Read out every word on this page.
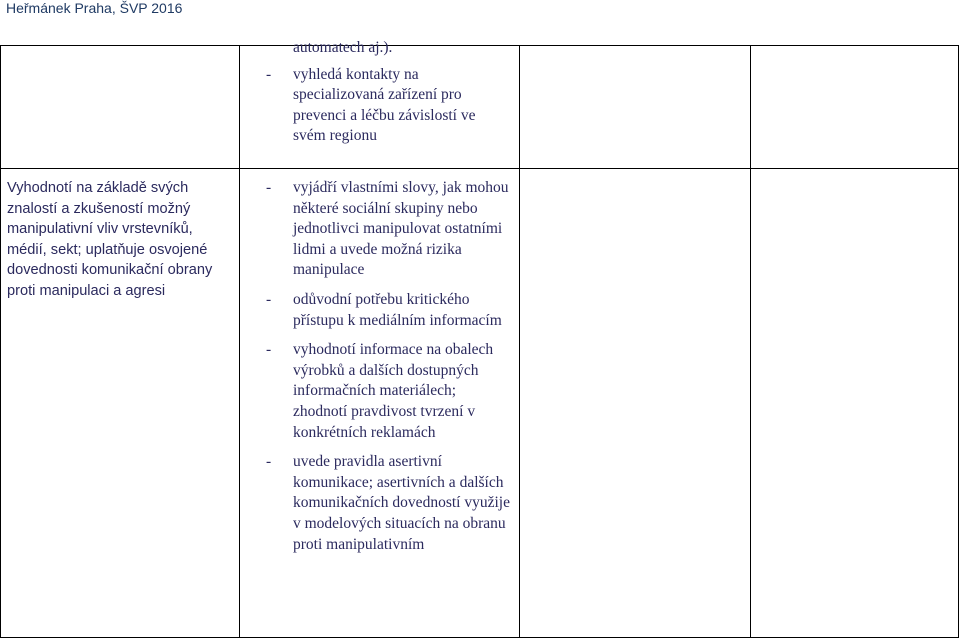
Heřmánek Praha, ŠVP 2016
automatech aj.).
- vyhledá kontakty na specializovaná zařízení pro prevenci a léčbu závislostí ve svém regionu
Vyhodnotí na základě svých znalostí a zkušeností možný manipulativní vliv vrstevníků, médií, sekt; uplatňuje osvojené dovednosti komunikační obrany proti manipulaci a agresi
- vyjádří vlastními slovy, jak mohou některé sociální skupiny nebo jednotlivci manipulovat ostatními lidmi a uvede možná rizika manipulace
- odůvodní potřebu kritického přístupu k mediálním informacím
- vyhodnotí informace na obalech výrobků a dalších dostupných informačních materiálech; zhodnotí pravdivost tvrzení v konkrétních reklamách
- uvede pravidla asertivní komunikace; asertivních a dalších komunikačních dovedností využije v modelových situacích na obranu proti manipulativním
